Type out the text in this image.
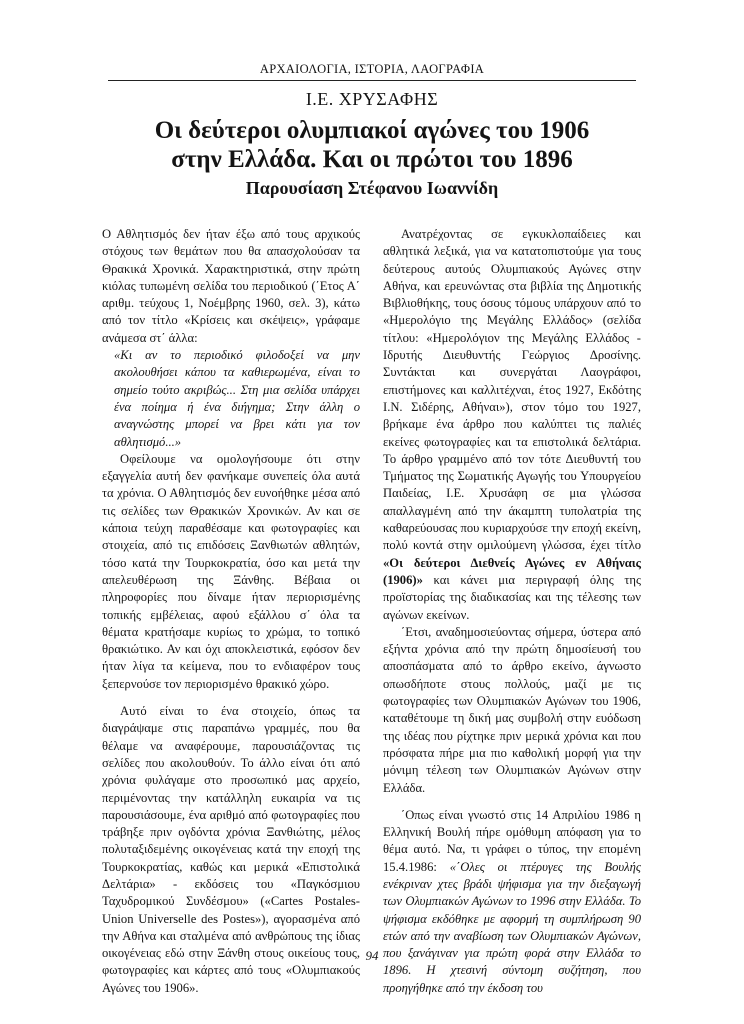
ΑΡΧΑΙΟΛΟΓΙΑ, ΙΣΤΟΡΙΑ, ΛΑΟΓΡΑΦΙΑ
Ι.Ε. ΧΡΥΣΑΦΗΣ
Οι δεύτεροι ολυμπιακοί αγώνες του 1906
στην Ελλάδα. Και οι πρώτοι του 1896
Παρουσίαση Στέφανου Ιωαννίδη

Ο Αθλητισμός δεν ήταν έξω από τους αρχικούς στόχους των θεμάτων που θα απασχολούσαν τα Θρακικά Χρονικά. Χαρακτηριστικά, στην πρώτη κιόλας τυπωμένη σελίδα του περιοδικού (΄Ετος Α΄ αριθμ. τεύχους 1, Νοέμβρης 1960, σελ. 3), κάτω από τον τίτλο «Κρίσεις και σκέψεις», γράφαμε ανάμεσα στ΄ άλλα:

«Κι αν το περιοδικό φιλοδοξεί να μην ακολουθήσει κάπου τα καθιερωμένα, είναι το σημείο τούτο ακριβώς... Στη μια σελίδα υπάρχει ένα ποίημα ή ένα διήγημα; Στην άλλη ο αναγνώστης μπορεί να βρει κάτι για τον αθλητισμό...»

Οφείλουμε να ομολογήσουμε ότι στην εξαγγελία αυτή δεν φανήκαμε συνεπείς όλα αυτά τα χρόνια. Ο Αθλητισμός δεν ευνοήθηκε μέσα από τις σελίδες των Θρακικών Χρονικών. Αν και σε κάποια τεύχη παραθέσαμε και φωτογραφίες και στοιχεία, από τις επιδόσεις Ξανθιωτών αθλητών, τόσο κατά την Τουρκοκρατία, όσο και μετά την απελευθέρωση της Ξάνθης. Βέβαια οι πληροφορίες που δίναμε ήταν περιορισμένης τοπικής εμβέλειας, αφού εξάλλου σ΄ όλα τα θέματα κρατήσαμε κυρίως το χρώμα, το τοπικό θρακιώτικο. Αν και όχι αποκλειστικά, εφόσον δεν ήταν λίγα τα κείμενα, που το ενδιαφέρον τους ξεπερνούσε τον περιορισμένο θρακικό χώρο.

Αυτό είναι το ένα στοιχείο, όπως τα διαγράψαμε στις παραπάνω γραμμές, που θα θέλαμε να αναφέρουμε, παρουσιάζοντας τις σελίδες που ακολουθούν. Το άλλο είναι ότι από χρόνια φυλάγαμε στο προσωπικό μας αρχείο, περιμένοντας την κατάλληλη ευκαιρία να τις παρουσιάσουμε, ένα αριθμό από φωτογραφίες που τράβηξε πριν ογδόντα χρόνια Ξανθιώτης, μέλος πολυταξιδεμένης οικογένειας κατά την εποχή της Τουρκοκρατίας, καθώς και μερικά «Επιστολικά Δελτάρια» - εκδόσεις του «Παγκόσμιου Ταχυδρομικού Συνδέσμου» («Cartes Postales-Union Universelle des Postes»), αγορασμένα από την Αθήνα και σταλμένα από ανθρώπους της ίδιας οικογένειας εδώ στην Ξάνθη στους οικείους τους, φωτογραφίες και κάρτες από τους «Ολυμπιακούς Αγώνες του 1906».

Ανατρέχοντας σε εγκυκλοπαίδειες και αθλητικά λεξικά, για να κατατοπιστούμε για τους δεύτερους αυτούς Ολυμπιακούς Αγώνες στην Αθήνα, και ερευνώντας στα βιβλία της Δημοτικής Βιβλιοθήκης, τους όσους τόμους υπάρχουν από το «Ημερολόγιο της Μεγάλης Ελλάδος» (σελίδα τίτλου: «Ημερολόγιον της Μεγάλης Ελλάδος - Ιδρυτής Διευθυντής Γεώργιος Δροσίνης. Συντάκται και συνεργάται Λαογράφοι, επιστήμονες και καλλιτέχναι, έτος 1927, Εκδότης Ι.Ν. Σιδέρης, Αθήναι»), στον τόμο του 1927, βρήκαμε ένα άρθρο που καλύπτει τις παλιές εκείνες φωτογραφίες και τα επιστολικά δελτάρια. Το άρθρο γραμμένο από τον τότε Διευθυντή του Τμήματος της Σωματικής Αγωγής του Υπουργείου Παιδείας, Ι.Ε. Χρυσάφη σε μια γλώσσα απαλλαγμένη από την άκαμπτη τυπολατρία της καθαρεύουσας που κυριαρχούσε την εποχή εκείνη, πολύ κοντά στην ομιλούμενη γλώσσα, έχει τίτλο «Οι δεύτεροι Διεθνείς Αγώνες εν Αθήναις (1906)» και κάνει μια περιγραφή όλης της προϊστορίας της διαδικασίας και της τέλεσης των αγώνων εκείνων.

΄Ετσι, αναδημοσιεύοντας σήμερα, ύστερα από εξήντα χρόνια από την πρώτη δημοσίευσή του αποσπάσματα από το άρθρο εκείνο, άγνωστο οπωσδήποτε στους πολλούς, μαζί με τις φωτογραφίες των Ολυμπιακών Αγώνων του 1906, καταθέτουμε τη δική μας συμβολή στην ευόδωση της ιδέας που ρίχτηκε πριν μερικά χρόνια και που πρόσφατα πήρε μια πιο καθολική μορφή για την μόνιμη τέλεση των Ολυμπιακών Αγώνων στην Ελλάδα.

΄Οπως είναι γνωστό στις 14 Απριλίου 1986 η Ελληνική Βουλή πήρε ομόθυμη απόφαση για το θέμα αυτό. Να, τι γράφει ο τύπος, την επομένη 15.4.1986: «΄Ολες οι πτέρυγες της Βουλής ενέκριναν χτες βράδι ψήφισμα για την διεξαγωγή των Ολυμπιακών Αγώνων το 1996 στην Ελλάδα. Το ψήφισμα εκδόθηκε με αφορμή τη συμπλήρωση 90 ετών από την αναβίωση των Ολυμπιακών Αγώνων, που ξανάγιναν για πρώτη φορά στην Ελλάδα το 1896. Η χτεσινή σύντομη συζήτηση, που προηγήθηκε από την έκδοση του

94
